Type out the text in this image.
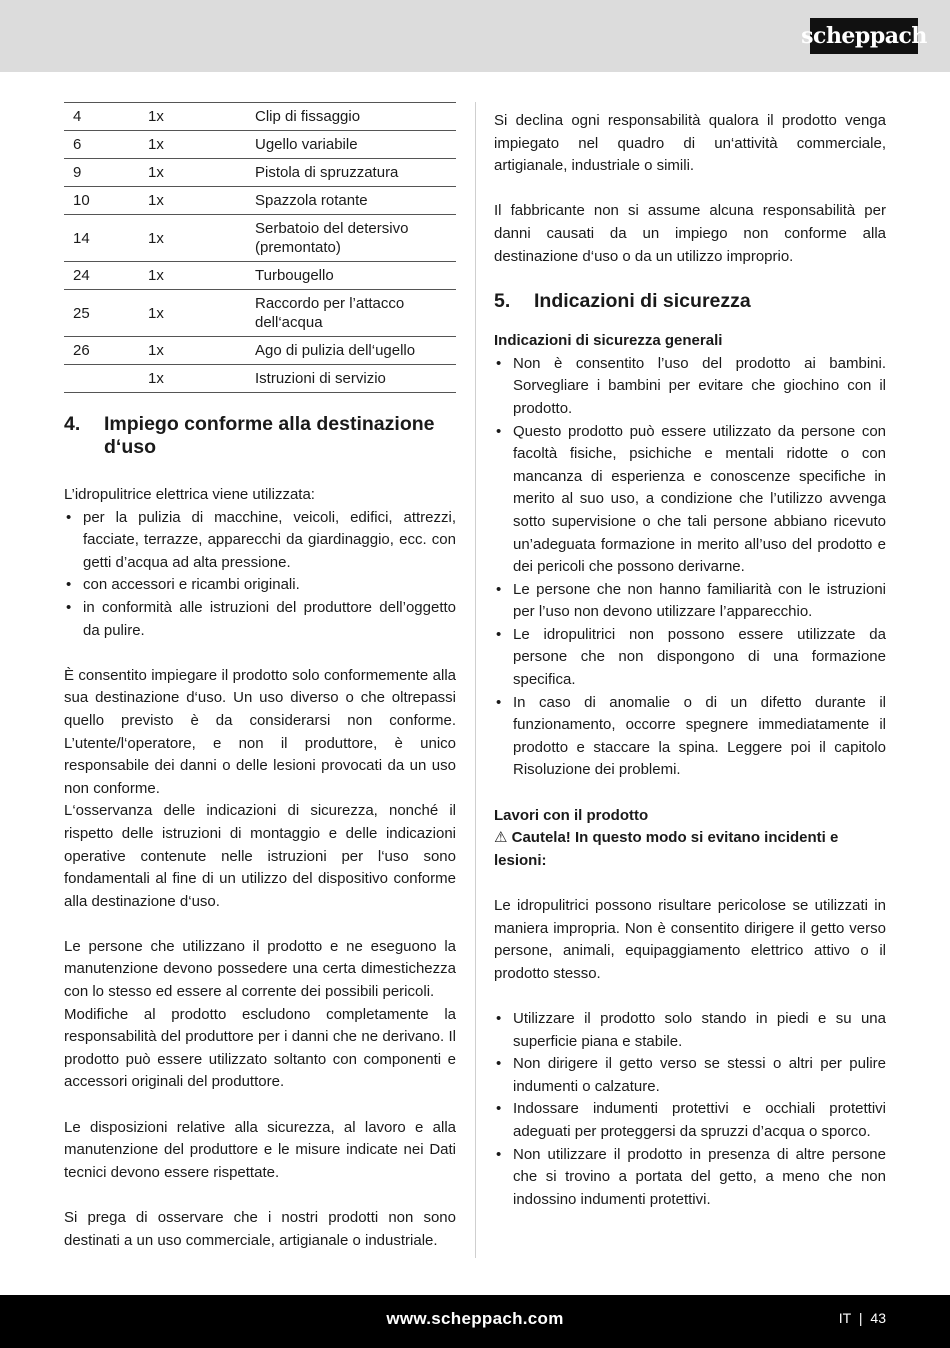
scheppach
4	1x	Clip di fissaggio
6	1x	Ugello variabile
9	1x	Pistola di spruzzatura
10	1x	Spazzola rotante
14	1x	Serbatoio del detersivo (premontato)
24	1x	Turbougello
25	1x	Raccordo per l’attacco dell‘acqua
26	1x	Ago di pulizia dell‘ugello
	1x	Istruzioni di servizio
4.	Impiego conforme alla destinazione d‘uso

L’idropulitrice elettrica viene utilizzata:

• per la pulizia di macchine, veicoli, edifici, attrezzi, facciate, terrazze, apparecchi da giardinaggio, ecc. con getti d’acqua ad alta pressione.
• con accessori e ricambi originali.
• in conformità alle istruzioni del produttore dell’oggetto da pulire.

È consentito impiegare il prodotto solo conformemente alla sua destinazione d‘uso. Un uso diverso o che oltrepassi quello previsto è da considerarsi non conforme. L’utente/l‘operatore, e non il produttore, è unico responsabile dei danni o delle lesioni provocati da un uso non conforme.

L‘osservanza delle indicazioni di sicurezza, nonché il rispetto delle istruzioni di montaggio e delle indicazioni operative contenute nelle istruzioni per l‘uso sono fondamentali al fine di un utilizzo del dispositivo conforme alla destinazione d‘uso.

Le persone che utilizzano il prodotto e ne eseguono la manutenzione devono possedere una certa dimestichezza con lo stesso ed essere al corrente dei possibili pericoli.

Modifiche al prodotto escludono completamente la responsabilità del produttore per i danni che ne derivano. Il prodotto può essere utilizzato soltanto con componenti e accessori originali del produttore.

Le disposizioni relative alla sicurezza, al lavoro e alla manutenzione del produttore e le misure indicate nei Dati tecnici devono essere rispettate.

Si prega di osservare che i nostri prodotti non sono destinati a un uso commerciale, artigianale o industriale.

Si declina ogni responsabilità qualora il prodotto venga impiegato nel quadro di un‘attività commerciale, artigianale, industriale o simili.

Il fabbricante non si assume alcuna responsabilità per danni causati da un impiego non conforme alla destinazione d‘uso o da un utilizzo improprio.

5.	Indicazioni di sicurezza
Indicazioni di sicurezza generali
• Non è consentito l’uso del prodotto ai bambini. Sorvegliare i bambini per evitare che giochino con il prodotto.
• Questo prodotto può essere utilizzato da persone con facoltà fisiche, psichiche e mentali ridotte o con mancanza di esperienza e conoscenze specifiche in merito al suo uso, a condizione che l’utilizzo avvenga sotto supervisione o che tali persone abbiano ricevuto un’adeguata formazione in merito all’uso del prodotto e dei pericoli che possono derivarne.
• Le persone che non hanno familiarità con le istruzioni per l’uso non devono utilizzare l’apparecchio.
• Le idropulitrici non possono essere utilizzate da persone che non dispongono di una formazione specifica.
• In caso di anomalie o di un difetto durante il funzionamento, occorre spegnere immediatamente il prodotto e staccare la spina. Leggere poi il capitolo Risoluzione dei problemi.
Lavori con il prodotto
⚠ Cautela! In questo modo si evitano incidenti e lesioni:

Le idropulitrici possono risultare pericolose se utilizzati in maniera impropria. Non è consentito dirigere il getto verso persone, animali, equipaggiamento elettrico attivo o il prodotto stesso.

• Utilizzare il prodotto solo stando in piedi e su una superficie piana e stabile.
• Non dirigere il getto verso se stessi o altri per pulire indumenti o calzature.
• Indossare indumenti protettivi e occhiali protettivi adeguati per proteggersi da spruzzi d’acqua o sporco.
• Non utilizzare il prodotto in presenza di altre persone che si trovino a portata del getto, a meno che non indossino indumenti protettivi.
www.scheppach.com	IT | 43
